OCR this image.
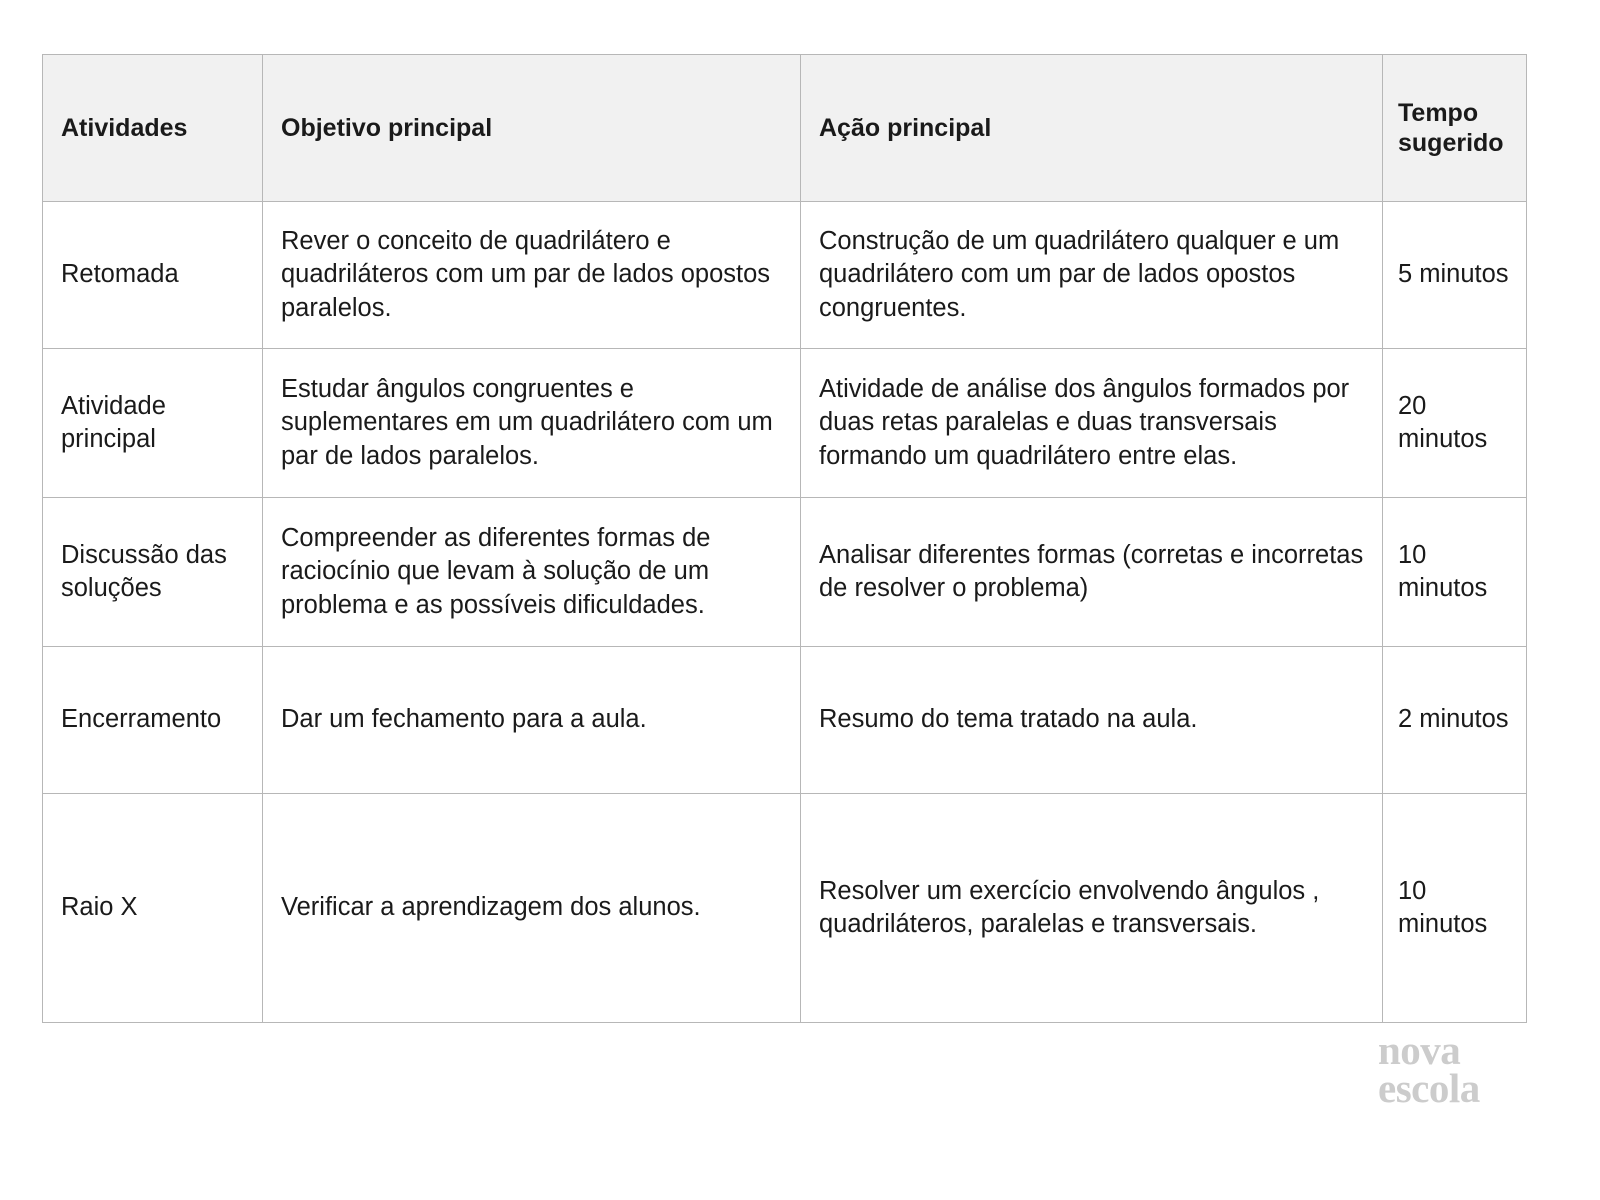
Atividades	Objetivo principal	Ação principal	Tempo sugerido
Retomada	Rever o conceito de quadrilátero e quadriláteros com um par de lados opostos paralelos.	Construção de um quadrilátero qualquer e um quadrilátero com um par de lados opostos congruentes.	5 minutos
Atividade principal	Estudar ângulos congruentes e suplementares em um quadrilátero com um par de lados paralelos.	Atividade de análise dos ângulos formados por duas retas paralelas e duas transversais formando um quadrilátero entre elas.	20 minutos
Discussão das soluções	Compreender as diferentes formas de raciocínio que levam à solução de um problema e as possíveis dificuldades.	Analisar diferentes formas (corretas e incorretas de resolver o problema)	10 minutos
Encerramento	Dar um fechamento para a aula.	Resumo do tema tratado na aula.	2 minutos
Raio X	Verificar a aprendizagem dos alunos.	Resolver um exercício envolvendo ângulos , quadriláteros, paralelas e transversais.	10 minutos
nova
escola
